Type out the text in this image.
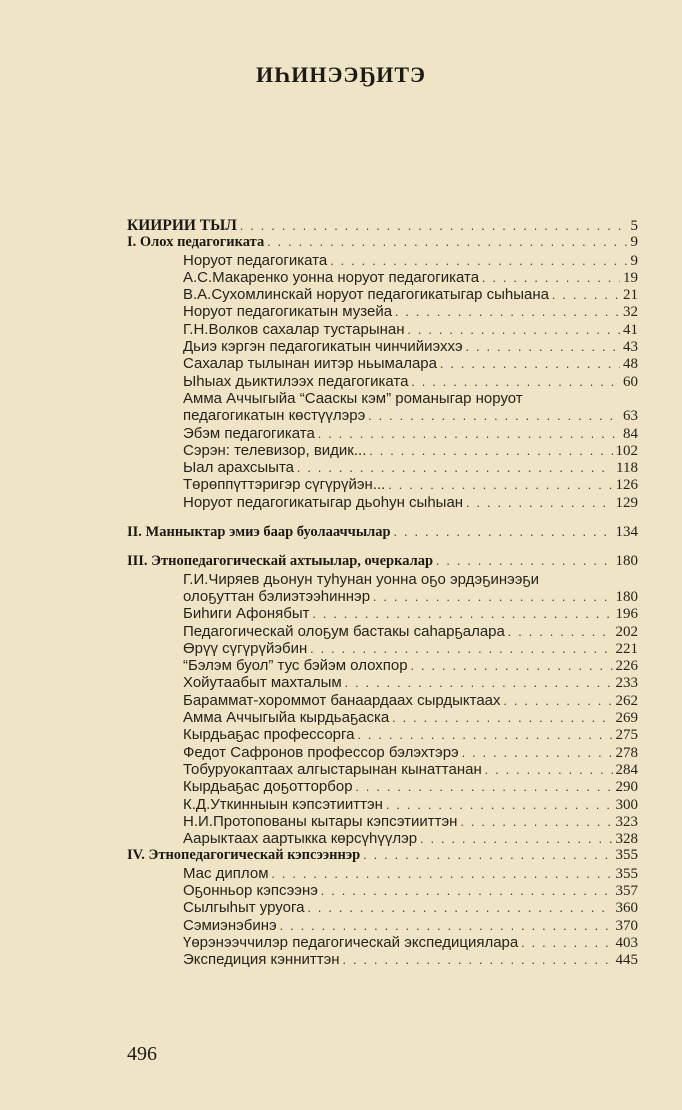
ИҺИНЭЭҔИТЭ
КИИРИИ ТЫЛ . . .	5
I. Олох педагогиката . . .	9
Норуот педагогиката . . .	9
А.С.Макаренко уонна норуот педагогиката . . .	19
В.А.Сухомлинскай норуот педагогикатыгар сыһыана . . .	21
Норуот педагогикатын музейа . . .	32
Г.Н.Волков сахалар тустарынан . . .	41
Дьиэ кэргэн педагогикатын чинчийиэххэ . . .	43
Сахалар тылынан иитэр ньымалара . . .	48
Ыһыах дьиктилээх педагогиката . . .	60
Амма Аччыгыйа “Сааскы кэм” романыгар норуот
педагогикатын көстүүлэрэ . . .	63
Эбэм педагогиката . . .	84
Сэрэн: телевизор, видик... . . .	102
Ыал арахсыыта . . .	118
Төрөппүттэригэр сүгүрүйэн... . . .	126
Норуот педагогикатыгар дьоһун сыһыан . . .	129
II. Манныктар эмиэ баар буолааччылар . . .	134
III. Этнопедагогическай ахтыылар, очеркалар . . .	180
Г.И.Чиряев дьонун туһунан уонна оҕо эрдэҕинээҕи
олоҕуттан бэлиэтээһиннэр . . .	180
Биһиги Афонябыт . . .	196
Педагогическай олоҕум бастакы саһарҕалара . . .	202
Өрүү сүгүрүйэбин . . .	221
“Бэлэм буол” тус бэйэм олохпор . . .	226
Хойутаабыт махталым . . .	233
Бараммат-хороммот банаардаах сырдыктаах . . .	262
Амма Аччыгыйа кырдьаҕаска . . .	269
Кырдьаҕас профессорга . . .	275
Федот Сафронов профессор бэлэхтэрэ . . .	278
Тобуруокаптаах алгыстарынан кынаттанан . . .	284
Кырдьаҕас доҕотторбор . . .	290
К.Д.Уткинныын кэпсэтииттэн . . .	300
Н.И.Протопованы кытары кэпсэтииттэн . . .	323
Аарыктаах аартыкка көрсүһүүлэр . . .	328
IV. Этнопедагогическай кэпсээннэр . . .	355
Мас диплом . . .	355
Оҕонньор кэпсээнэ . . .	357
Сылгыһыт уруога . . .	360
Сэмиэнэбинэ . . .	370
Үөрэнээччилэр педагогическай экспедициялара . . .	403
Экспедиция кэнниттэн . . .	445
496
